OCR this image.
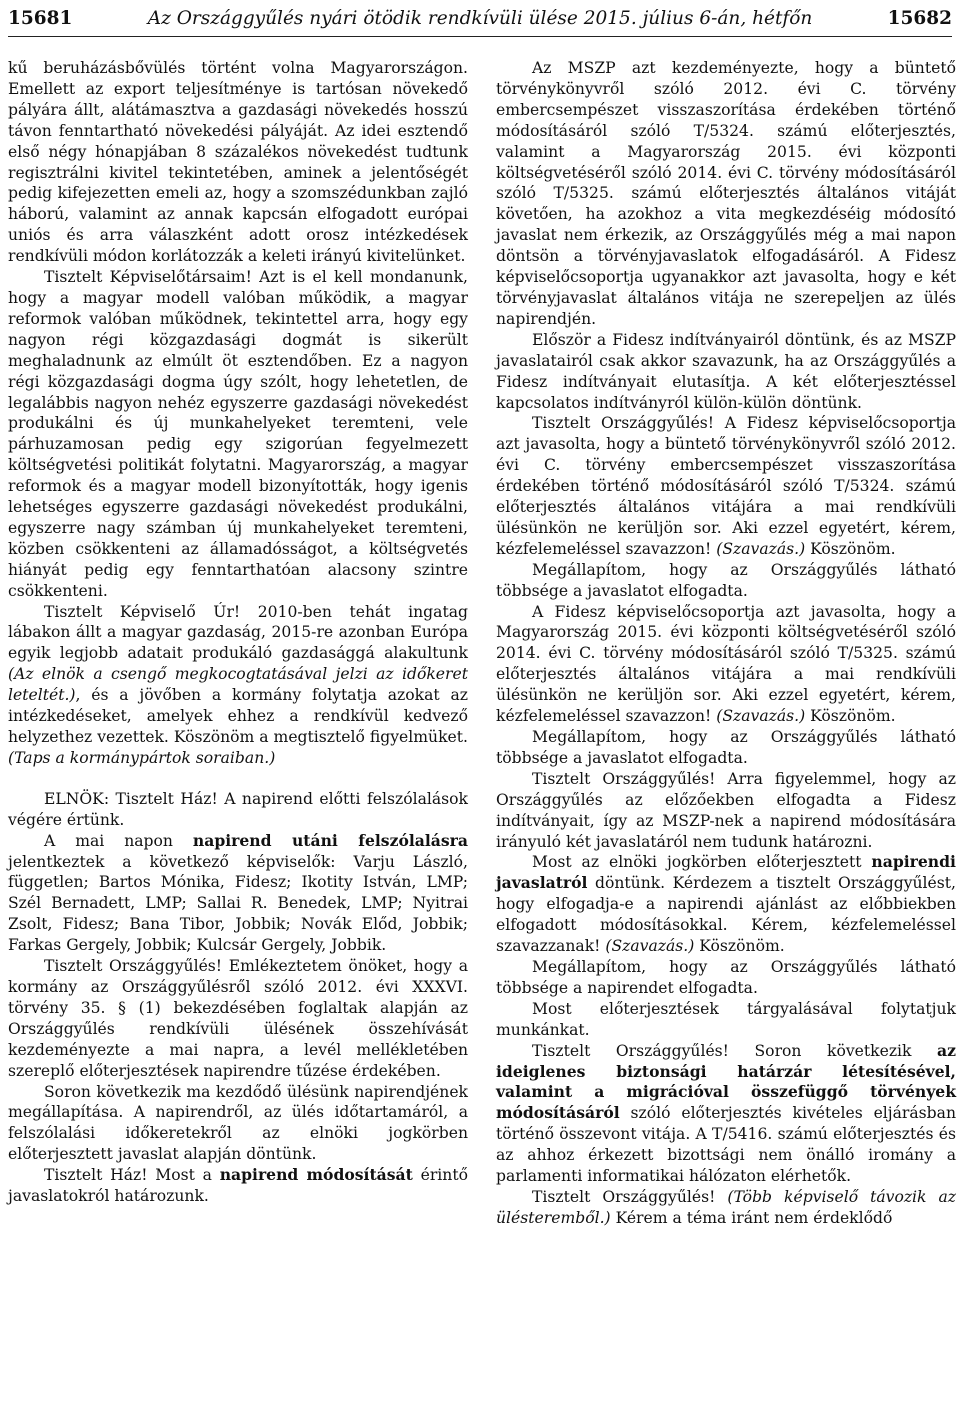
15681	Az Országgyűlés nyári ötödik rendkívüli ülése 2015. július 6-án, hétfőn	15682

kű beruházásbővülés történt volna Magyarországon. Emellett az export teljesítménye is tartósan növekedő pályára állt, alátámasztva a gazdasági növekedés hosszú távon fenntartható növekedési pályáját. Az idei esztendő első négy hónapjában 8 százalékos növekedést tudtunk regisztrálni kivitel tekintetében, aminek a jelentőségét pedig kifejezetten emeli az, hogy a szomszédunkban zajló háború, valamint az annak kapcsán elfogadott európai uniós és arra válaszként adott orosz intézkedések rendkívüli módon korlátozzák a keleti irányú kivitelünket.

Tisztelt Képviselőtársaim! Azt is el kell mondanunk, hogy a magyar modell valóban működik, a magyar reformok valóban működnek, tekintettel arra, hogy egy nagyon régi közgazdasági dogmát is sikerült meghaladnunk az elmúlt öt esztendőben. Ez a nagyon régi közgazdasági dogma úgy szólt, hogy lehetetlen, de legalábbis nagyon nehéz egyszerre gazdasági növekedést produkálni és új munkahelyeket teremteni, vele párhuzamosan pedig egy szigorúan fegyelmezett költségvetési politikát folytatni. Magyarország, a magyar reformok és a magyar modell bizonyították, hogy igenis lehetséges egyszerre gazdasági növekedést produkálni, egyszerre nagy számban új munkahelyeket teremteni, közben csökkenteni az államadósságot, a költségvetés hiányát pedig egy fenntarthatóan alacsony szintre csökkenteni.

Tisztelt Képviselő Úr! 2010-ben tehát ingatag lábakon állt a magyar gazdaság, 2015-re azonban Európa egyik legjobb adatait produkáló gazdasággá alakultunk (Az elnök a csengő megkocogtatásával jelzi az időkeret leteltét.), és a jövőben a kormány folytatja azokat az intézkedéseket, amelyek ehhez a rendkívül kedvező helyzethez vezettek. Köszönöm a megtisztelő figyelmüket. (Taps a kormánypártok soraiban.)

ELNÖK: Tisztelt Ház! A napirend előtti felszólalások végére értünk.

A mai napon napirend utáni felszólalásra jelentkeztek a következő képviselők: Varju László, független; Bartos Mónika, Fidesz; Ikotity István, LMP; Szél Bernadett, LMP; Sallai R. Benedek, LMP; Nyitrai Zsolt, Fidesz; Bana Tibor, Jobbik; Novák Előd, Jobbik; Farkas Gergely, Jobbik; Kulcsár Gergely, Jobbik.

Tisztelt Országgyűlés! Emlékeztetem önöket, hogy a kormány az Országgyűlésről szóló 2012. évi XXXVI. törvény 35. § (1) bekezdésében foglaltak alapján az Országgyűlés rendkívüli ülésének összehívását kezdeményezte a mai napra, a levél mellékletében szereplő előterjesztések napirendre tűzése érdekében.

Soron következik ma kezdődő ülésünk napirendjének megállapítása. A napirendről, az ülés időtartamáról, a felszólalási időkeretekről az elnöki jogkörben előterjesztett javaslat alapján döntünk.

Tisztelt Ház! Most a napirend módosítását érintő javaslatokról határozunk.

Az MSZP azt kezdeményezte, hogy a büntető törvénykönyvről szóló 2012. évi C. törvény embercsempészet visszaszorítása érdekében történő módosításáról szóló T/5324. számú előterjesztés, valamint a Magyarország 2015. évi központi költségvetéséről szóló 2014. évi C. törvény módosításáról szóló T/5325. számú előterjesztés általános vitáját követően, ha azokhoz a vita megkezdéséig módosító javaslat nem érkezik, az Országgyűlés még a mai napon döntsön a törvényjavaslatok elfogadásáról. A Fidesz képviselőcsoportja ugyanakkor azt javasolta, hogy e két törvényjavaslat általános vitája ne szerepeljen az ülés napirendjén.

Először a Fidesz indítványairól döntünk, és az MSZP javaslatairól csak akkor szavazunk, ha az Országgyűlés a Fidesz indítványait elutasítja. A két előterjesztéssel kapcsolatos indítványról külön-külön döntünk.

Tisztelt Országgyűlés! A Fidesz képviselőcsoportja azt javasolta, hogy a büntető törvénykönyvről szóló 2012. évi C. törvény embercsempészet visszaszorítása érdekében történő módosításáról szóló T/5324. számú előterjesztés általános vitájára a mai rendkívüli ülésünkön ne kerüljön sor. Aki ezzel egyetért, kérem, kézfelemeléssel szavazzon! (Szavazás.) Köszönöm.

Megállapítom, hogy az Országgyűlés látható többsége a javaslatot elfogadta.

A Fidesz képviselőcsoportja azt javasolta, hogy a Magyarország 2015. évi központi költségvetéséről szóló 2014. évi C. törvény módosításáról szóló T/5325. számú előterjesztés általános vitájára a mai rendkívüli ülésünkön ne kerüljön sor. Aki ezzel egyetért, kérem, kézfelemeléssel szavazzon! (Szavazás.) Köszönöm.

Megállapítom, hogy az Országgyűlés látható többsége a javaslatot elfogadta.

Tisztelt Országgyűlés! Arra figyelemmel, hogy az Országgyűlés az előzőekben elfogadta a Fidesz indítványait, így az MSZP-nek a napirend módosítására irányuló két javaslatáról nem tudunk határozni.

Most az elnöki jogkörben előterjesztett napirendi javaslatról döntünk. Kérdezem a tisztelt Országgyűlést, hogy elfogadja-e a napirendi ajánlást az előbbiekben elfogadott módosításokkal. Kérem, kézfelemeléssel szavazzanak! (Szavazás.) Köszönöm.

Megállapítom, hogy az Országgyűlés látható többsége a napirendet elfogadta.

Most előterjesztések tárgyalásával folytatjuk munkánkat.

Tisztelt Országgyűlés! Soron következik az ideiglenes biztonsági határzár létesítésével, valamint a migrációval összefüggő törvények módosításáról szóló előterjesztés kivételes eljárásban történő összevont vitája. A T/5416. számú előterjesztés és az ahhoz érkezett bizottsági nem önálló iromány a parlamenti informatikai hálózaton elérhetők.

Tisztelt Országgyűlés! (Több képviselő távozik az ülésteremből.) Kérem a téma iránt nem érdeklődő
